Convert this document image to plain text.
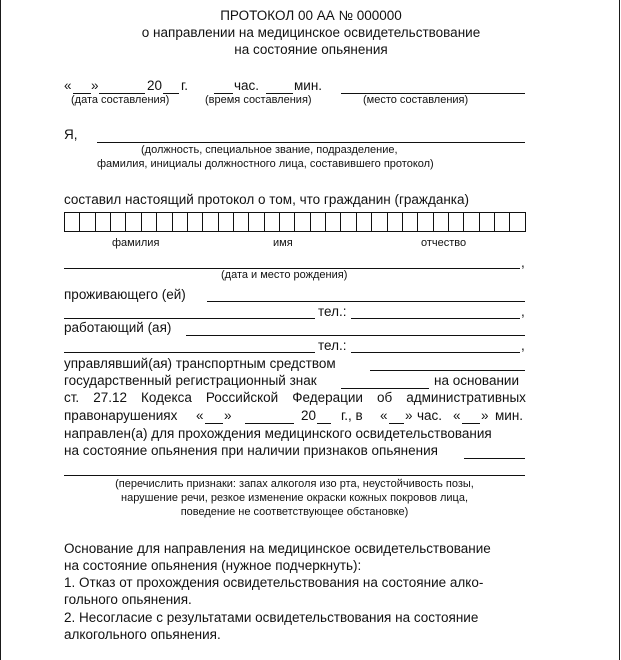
ПРОТОКОЛ 00 АА № 000000
о направлении на медицинское освидетельствование
на состояние опьянения
« »	20 г.	час.	мин.
(дата составления)	(время составления)	(место составления)
Я,
(должность, специальное звание, подразделение,
фамилия, инициалы должностного лица, составившего протокол)
составил настоящий протокол о том, что гражданин (гражданка)
фамилия	имя	отчество
,
(дата и место рождения)
проживающего (ей)
тел.:	,
работающий (ая)
тел.:	,
управлявший(ая) транспортным средством
государственный регистрационный знак	на основании
ст. 27.12 Кодекса Российской Федерации об административных
правонарушениях « »	20 г., в « » час. « » мин.
направлен(а) для прохождения медицинского освидетельствования
на состояние опьянения при наличии признаков опьянения
(перечислить признаки: запах алкоголя изо рта, неустойчивость позы,
нарушение речи, резкое изменение окраски кожных покровов лица,
поведение не соответствующее обстановке)
Основание для направления на медицинское освидетельствование
на состояние опьянения (нужное подчеркнуть):
1. Отказ от прохождения освидетельствования на состояние алко-
гольного опьянения.
2. Несогласие с результатами освидетельствования на состояние
алкогольного опьянения.
